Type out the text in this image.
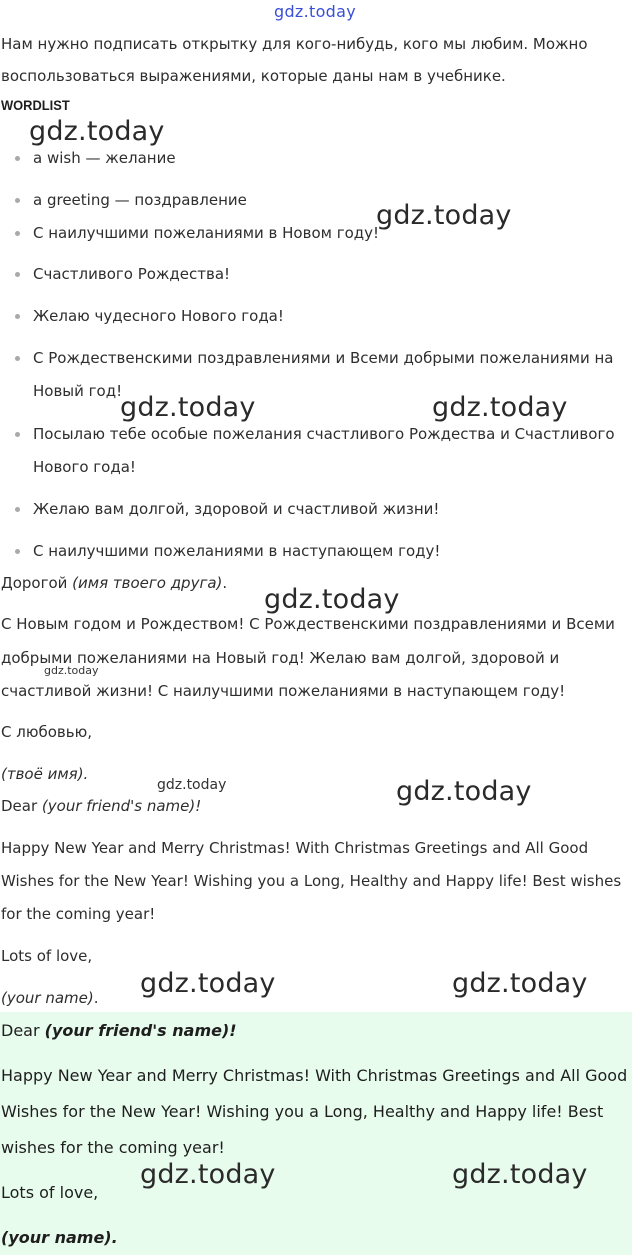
gdz.today
Нам нужно подписать открытку для кого-нибудь, кого мы любим. Можно
воспользоваться выражениями, которые даны нам в учебнике.
WORDLIST
a wish — желание
a greeting — поздравление
С наилучшими пожеланиями в Новом году!
Счастливого Рождества!
Желаю чудесного Нового года!
С Рождественскими поздравлениями и Всеми добрыми пожеланиями на
Новый год!
Посылаю тебе особые пожелания счастливого Рождества и Счастливого
Нового года!
Желаю вам долгой, здоровой и счастливой жизни!
С наилучшими пожеланиями в наступающем году!
Дорогой (имя твоего друга).
С Новым годом и Рождеством! С Рождественскими поздравлениями и Всеми
добрыми пожеланиями на Новый год! Желаю вам долгой, здоровой и
счастливой жизни! С наилучшими пожеланиями в наступающем году!
С любовью,
(твоё имя).
Dear (your friend's name)!
Happy New Year and Merry Christmas! With Christmas Greetings and All Good
Wishes for the New Year! Wishing you a Long, Healthy and Happy life! Best wishes
for the coming year!
Lots of love,
(your name).
Dear (your friend's name)!
Happy New Year and Merry Christmas! With Christmas Greetings and All Good
Wishes for the New Year! Wishing you a Long, Healthy and Happy life! Best
wishes for the coming year!
Lots of love,
(your name).
gdz.today
gdz.today
gdz.today	gdz.today
gdz.today
gdz.today
gdz.today	gdz.today
gdz.today	gdz.today
gdz.today	gdz.today
